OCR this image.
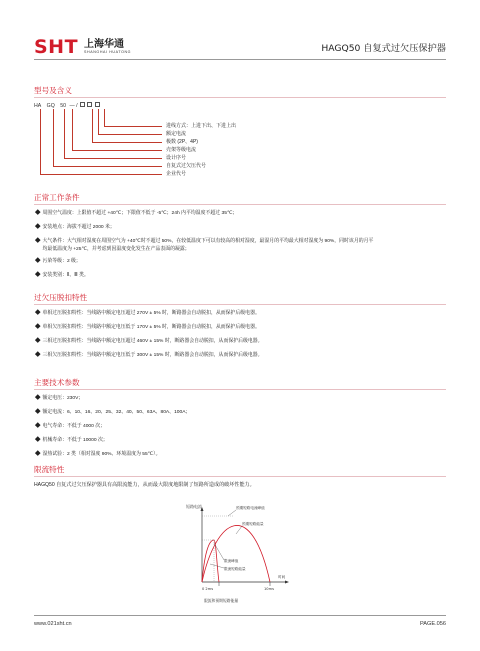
SHT 上海华通
SHANGHAI HUATONG	HAGQ50 自复式过欠压保护器
型号及含义
HA GQ 50 — /
进线方式：上进下出、下进上出
额定电流
极数 (2P、4P)
壳架等级电流
设计序号
自复式过欠压代号
企业代号
正常工作条件
周围空气温度：上限值不超过 +40℃；下限值不低于 -5℃；24h 内平均温度不超过 35℃；
安装地点：海拔不超过 2000 米；
大气条件：大气相对湿度在周围空气为 +40℃时不超过 50%，在较低温度下可以有较高的相对湿度，最湿月的平均最大相对湿度为 90%，同时该月的月平
均最低温度为 +25℃，并考虑到因温度变化发生在产品表面的凝露；
污染等级：2 级；
安装类别：Ⅱ、Ⅲ 类。
过欠压脱扣特性
单相过压脱扣特性：当线路中额定电压超过 270V ± 5% 时，断路器会自动脱扣，从而保护后级电器。
单相欠压脱扣特性：当线路中额定电压低于 170V ± 5% 时，断路器会自动脱扣，从而保护后级电器。
三相过压脱扣特性：当线路中额定电压超过 460V ± 15% 时，断路器会自动脱扣，从而保护后级电器。
三相欠压脱扣特性：当线路中额定电压低于 300V ± 15% 时，断路器会自动脱扣，从而保护后级电器。
主要技术参数
额定电压：230V；
额定电流：6、10、16、20、25、32、40、50、63A、80A、100A；
电气寿命：不低于 4000 次；
机械寿命：不低于 10000 次；
湿热试验：2 类（相对湿度 90%、环境温度为 55℃）。
限流特性
HAGQ50 自复式过欠压保护器具有高限流能力，从而最大限度地限制了短路所造成的破坏性能力。
短路电流	预期短路电流峰值
预期短路能量
限流峰值
限流短路能量
0 2ms	10ms
时间
限流和预期短路能量
www.021sht.cn	PAGE.056
